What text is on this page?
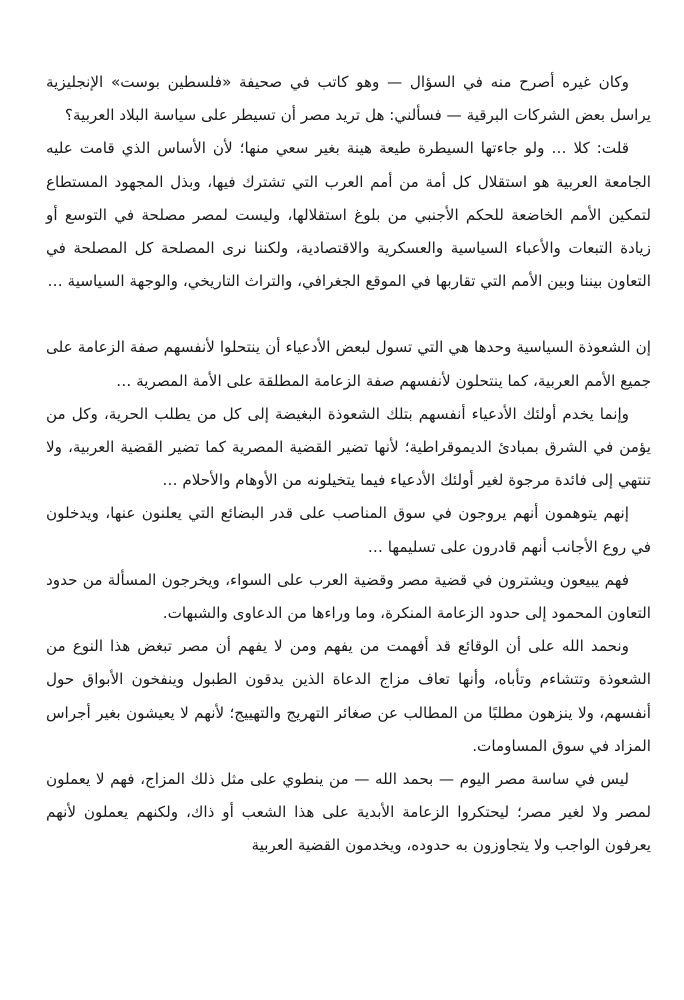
وكان غيره أصرح منه في السؤال — وهو كاتب في صحيفة «فلسطين بوست» الإنجليزية يراسل بعض الشركات البرقية — فسألني: هل تريد مصر أن تسيطر على سياسة البلاد العربية؟

قلت: كلا … ولو جاءتها السيطرة طيعة هينة بغير سعي منها؛ لأن الأساس الذي قامت عليه الجامعة العربية هو استقلال كل أمة من أمم العرب التي تشترك فيها، وبذل المجهود المستطاع لتمكين الأمم الخاضعة للحكم الأجنبي من بلوغ استقلالها، وليست لمصر مصلحة في التوسع أو زيادة التبعات والأعباء السياسية والعسكرية والاقتصادية، ولكننا نرى المصلحة كل المصلحة في التعاون بيننا وبين الأمم التي تقاربها في الموقع الجغرافي، والتراث التاريخي، والوجهة السياسية …

إن الشعوذة السياسية وحدها هي التي تسول لبعض الأدعياء أن ينتحلوا لأنفسهم صفة الزعامة على جميع الأمم العربية، كما ينتحلون لأنفسهم صفة الزعامة المطلقة على الأمة المصرية …

وإنما يخدم أولئك الأدعياء أنفسهم بتلك الشعوذة البغيضة إلى كل من يطلب الحرية، وكل من يؤمن في الشرق بمبادئ الديموقراطية؛ لأنها تضير القضية المصرية كما تضير القضية العربية، ولا تنتهي إلى فائدة مرجوة لغير أولئك الأدعياء فيما يتخيلونه من الأوهام والأحلام …

إنهم يتوهمون أنهم يروجون في سوق المناصب على قدر البضائع التي يعلنون عنها، ويدخلون في روع الأجانب أنهم قادرون على تسليمها …

فهم يبيعون ويشترون في قضية مصر وقضية العرب على السواء، ويخرجون المسألة من حدود التعاون المحمود إلى حدود الزعامة المنكرة، وما وراءها من الدعاوى والشبهات.

ونحمد الله على أن الوقائع قد أفهمت من يفهم ومن لا يفهم أن مصر تبغض هذا النوع من الشعوذة وتتشاءم وتأباه، وأنها تعاف مزاج الدعاة الذين يدقون الطبول وينفخون الأبواق حول أنفسهم، ولا ينزهون مطلبًا من المطالب عن صغائر التهريج والتهييج؛ لأنهم لا يعيشون بغير أجراس المزاد في سوق المساومات.

ليس في ساسة مصر اليوم — بحمد الله — من ينطوي على مثل ذلك المزاج، فهم لا يعملون لمصر ولا لغير مصر؛ ليحتكروا الزعامة الأبدية على هذا الشعب أو ذاك، ولكنهم يعملون لأنهم يعرفون الواجب ولا يتجاوزون به حدوده، ويخدمون القضية العربية
